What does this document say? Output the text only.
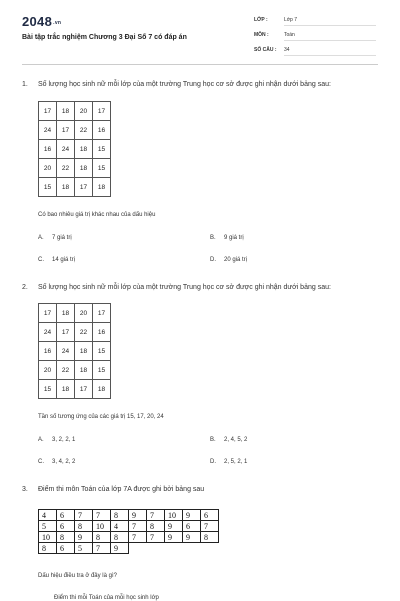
2048.vn
Bài tập trắc nghiệm Chương 3 Đại Số 7 có đáp án
LỚP :	Lớp 7
MÔN :	Toán
SỐ CÂU :	34
1. Số lượng học sinh nữ mỗi lớp của một trường Trung học cơ sở được ghi nhận dưới bảng sau:
17	18	20	17
24	17	22	16
16	24	18	15
20	22	18	15
15	18	17	18
Có bao nhiêu giá trị khác nhau của dấu hiệu
A. 7 giá trị	B. 9 giá trị
C. 14 giá trị	D. 20 giá trị
2. Số lượng học sinh nữ mỗi lớp của một trường Trung học cơ sở được ghi nhận dưới bảng sau:
17	18	20	17
24	17	22	16
16	24	18	15
20	22	18	15
15	18	17	18
Tần số tương ứng của các giá trị 15, 17, 20, 24
A. 3, 2, 2, 1	B. 2, 4, 5, 2
C. 3, 4, 2, 2	D. 2, 5, 2, 1
3. Điểm thi môn Toán của lớp 7A được ghi bởi bảng sau
4	6	7	7	8	9	7	10	9	6
5	6	8	10	4	7	8	9	6	7
10	8	9	8	8	7	7	9	9	8
8	6	5	7	9					
Dấu hiệu điều tra ở đây là gì?
Điểm thi mỗi Toán của mỗi học sinh lớp
